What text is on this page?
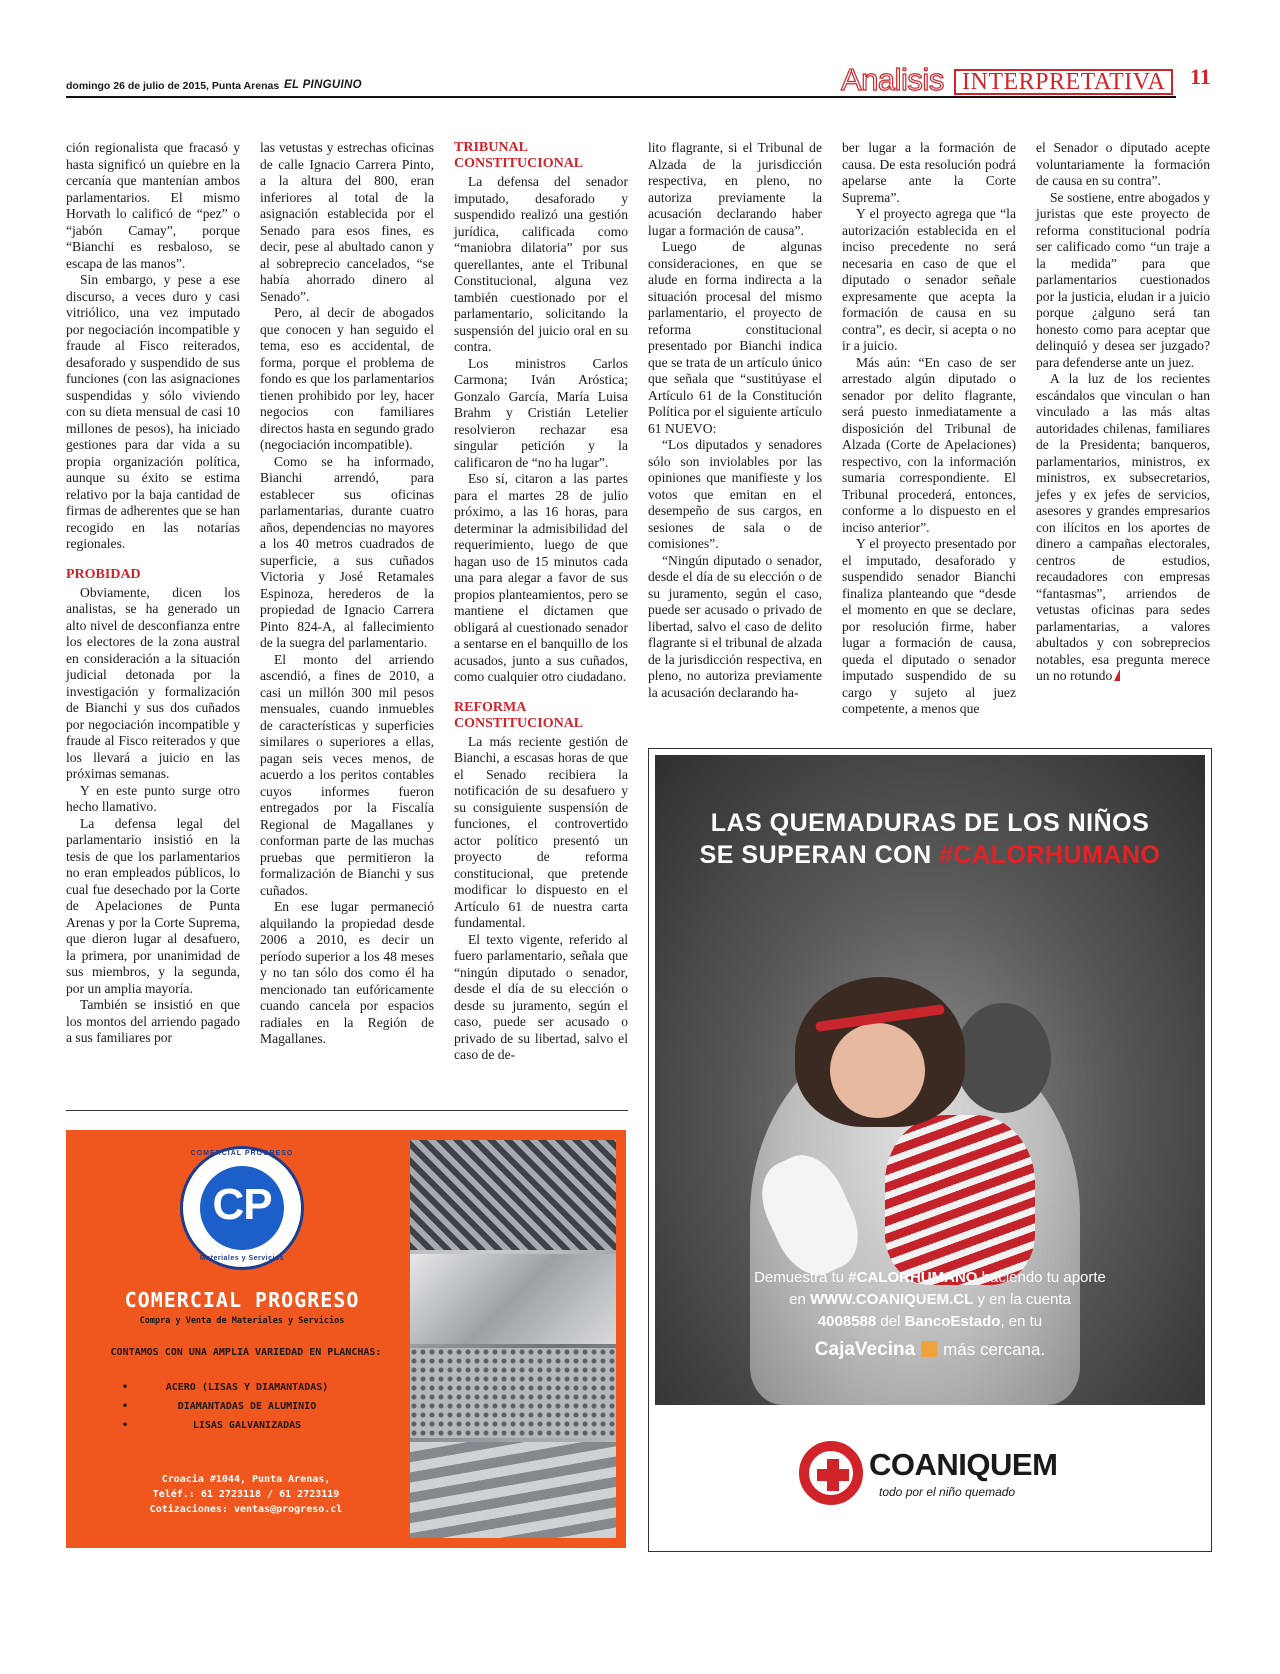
domingo 26 de julio de 2015, Punta Arenas EL PINGUINO	Analisis INTERPRETATIVA	11

ción regionalista que fracasó y hasta significó un quiebre en la cercanía que mantenían ambos parlamentarios. El mismo Horvath lo calificó de “pez” o “jabón Camay”, porque “Bianchi es resbaloso, se escapa de las manos”.

Sin embargo, y pese a ese discurso, a veces duro y casi vitriólico, una vez imputado por negociación incompatible y fraude al Fisco reiterados, desaforado y suspendido de sus funciones (con las asignaciones suspendidas y sólo viviendo con su dieta mensual de casi 10 millones de pesos), ha iniciado gestiones para dar vida a su propia organización política, aunque su éxito se estima relativo por la baja cantidad de firmas de adherentes que se han recogido en las notarías regionales.

PROBIDAD

Obviamente, dicen los analistas, se ha generado un alto nivel de desconfianza entre los electores de la zona austral en consideración a la situación judicial detonada por la investigación y formalización de Bianchi y sus dos cuñados por negociación incompatible y fraude al Fisco reiterados y que los llevará a juicio en las próximas semanas.

Y en este punto surge otro hecho llamativo.

La defensa legal del parlamentario insistió en la tesis de que los parlamentarios no eran empleados públicos, lo cual fue desechado por la Corte de Apelaciones de Punta Arenas y por la Corte Suprema, que dieron lugar al desafuero, la primera, por unanimidad de sus miembros, y la segunda, por un amplia mayoría.

También se insistió en que los montos del arriendo pagado a sus familiares por

las vetustas y estrechas oficinas de calle Ignacio Carrera Pinto, a la altura del 800, eran inferiores al total de la asignación establecida por el Senado para esos fines, es decir, pese al abultado canon y al sobreprecio cancelados, “se había ahorrado dinero al Senado”.

Pero, al decir de abogados que conocen y han seguido el tema, eso es accidental, de forma, porque el problema de fondo es que los parlamentarios tienen prohibido por ley, hacer negocios con familiares directos hasta en segundo grado (negociación incompatible).

Como se ha informado, Bianchi arrendó, para establecer sus oficinas parlamentarias, durante cuatro años, dependencias no mayores a los 40 metros cuadrados de superficie, a sus cuñados Victoria y José Retamales Espinoza, herederos de la propiedad de Ignacio Carrera Pinto 824-A, al fallecimiento de la suegra del parlamentario.

El monto del arriendo ascendió, a fines de 2010, a casi un millón 300 mil pesos mensuales, cuando inmuebles de características y superficies similares o superiores a ellas, pagan seis veces menos, de acuerdo a los peritos contables cuyos informes fueron entregados por la Fiscalía Regional de Magallanes y conforman parte de las muchas pruebas que permitieron la formalización de Bianchi y sus cuñados.

En ese lugar permaneció alquilando la propiedad desde 2006 a 2010, es decir un período superior a los 48 meses y no tan sólo dos como él ha mencionado tan eufóricamente cuando cancela por espacios radiales en la Región de Magallanes.

TRIBUNAL CONSTITUCIONAL

La defensa del senador imputado, desaforado y suspendido realizó una gestión jurídica, calificada como “maniobra dilatoria” por sus querellantes, ante el Tribunal Constitucional, alguna vez también cuestionado por el parlamentario, solicitando la suspensión del juicio oral en su contra.

Los ministros Carlos Carmona; Iván Aróstica; Gonzalo García, María Luisa Brahm y Cristián Letelier resolvieron rechazar esa singular petición y la calificaron de “no ha lugar”.

Eso sí, citaron a las partes para el martes 28 de julio próximo, a las 16 horas, para determinar la admisibilidad del requerimiento, luego de que hagan uso de 15 minutos cada una para alegar a favor de sus propios planteamientos, pero se mantiene el dictamen que obligará al cuestionado senador a sentarse en el banquillo de los acusados, junto a sus cuñados, como cualquier otro ciudadano.

REFORMA CONSTITUCIONAL

La más reciente gestión de Bianchi, a escasas horas de que el Senado recibiera la notificación de su desafuero y su consiguiente suspensión de funciones, el controvertido actor político presentó un proyecto de reforma constitucional, que pretende modificar lo dispuesto en el Artículo 61 de nuestra carta fundamental.

El texto vigente, referido al fuero parlamentario, señala que “ningún diputado o senador, desde el día de su elección o desde su juramento, según el caso, puede ser acusado o privado de su libertad, salvo el caso de de-

lito flagrante, si el Tribunal de Alzada de la jurisdicción respectiva, en pleno, no autoriza previamente la acusación declarando haber lugar a formación de causa”.

Luego de algunas consideraciones, en que se alude en forma indirecta a la situación procesal del mismo parlamentario, el proyecto de reforma constitucional presentado por Bianchi indica que se trata de un artículo único que señala que “sustitúyase el Artículo 61 de la Constitución Política por el siguiente artículo 61 NUEVO:

“Los diputados y senadores sólo son inviolables por las opiniones que manifieste y los votos que emitan en el desempeño de sus cargos, en sesiones de sala o de comisiones”.

“Ningún diputado o senador, desde el día de su elección o de su juramento, según el caso, puede ser acusado o privado de libertad, salvo el caso de delito flagrante si el tribunal de alzada de la jurisdicción respectiva, en pleno, no autoriza previamente la acusación declarando ha-

ber lugar a la formación de causa. De esta resolución podrá apelarse ante la Corte Suprema”.

Y el proyecto agrega que “la autorización establecida en el inciso precedente no será necesaria en caso de que el diputado o senador señale expresamente que acepta la formación de causa en su contra”, es decir, si acepta o no ir a juicio.

Más aún: “En caso de ser arrestado algún diputado o senador por delito flagrante, será puesto inmediatamente a disposición del Tribunal de Alzada (Corte de Apelaciones) respectivo, con la información sumaria correspondiente. El Tribunal procederá, entonces, conforme a lo dispuesto en el inciso anterior”.

Y el proyecto presentado por el imputado, desaforado y suspendido senador Bianchi finaliza planteando que “desde el momento en que se declare, por resolución firme, haber lugar a formación de causa, queda el diputado o senador imputado suspendido de su cargo y sujeto al juez competente, a menos que

el Senador o diputado acepte voluntariamente la formación de causa en su contra”.

Se sostiene, entre abogados y juristas que este proyecto de reforma constitucional podría ser calificado como “un traje a la medida” para que parlamentarios cuestionados por la justicia, eludan ir a juicio porque ¿alguno será tan honesto como para aceptar que delinquió y desea ser juzgado? para defenderse ante un juez.

A la luz de los recientes escándalos que vinculan o han vinculado a las más altas autoridades chilenas, familiares de la Presidenta; banqueros, parlamentarios, ministros, ex ministros, ex subsecretarios, jefes y ex jefes de servicios, asesores y grandes empresarios con ilícitos en los aportes de dinero a campañas electorales, centros de estudios, recaudadores con empresas “fantasmas”, arriendos de vetustas oficinas para sedes parlamentarias, a valores abultados y con sobreprecios notables, esa pregunta merece un no rotundo

COMERCIAL PROGRESO
CP
Materiales y Servicios
COMERCIAL PROGRESO
Compra y Venta de Materiales y Servicios
CONTAMOS CON UNA AMPLIA VARIEDAD EN PLANCHAS:
• ACERO (LISAS Y DIAMANTADAS)
• DIAMANTADAS DE ALUMINIO
• LISAS GALVANIZADAS
Croacia #1044, Punta Arenas,
Teléf.: 61 2723118 / 61 2723119
Cotizaciones: ventas@progreso.cl
LAS QUEMADURAS DE LOS NIÑOS
SE SUPERAN CON #CALORHUMANO
Demuestra tu #CALORHUMANO haciendo tu aporte
en WWW.COANIQUEM.CL y en la cuenta
4008588 del BancoEstado, en tu
CajaVecina más cercana.
COANIQUEM
todo por el niño quemado
